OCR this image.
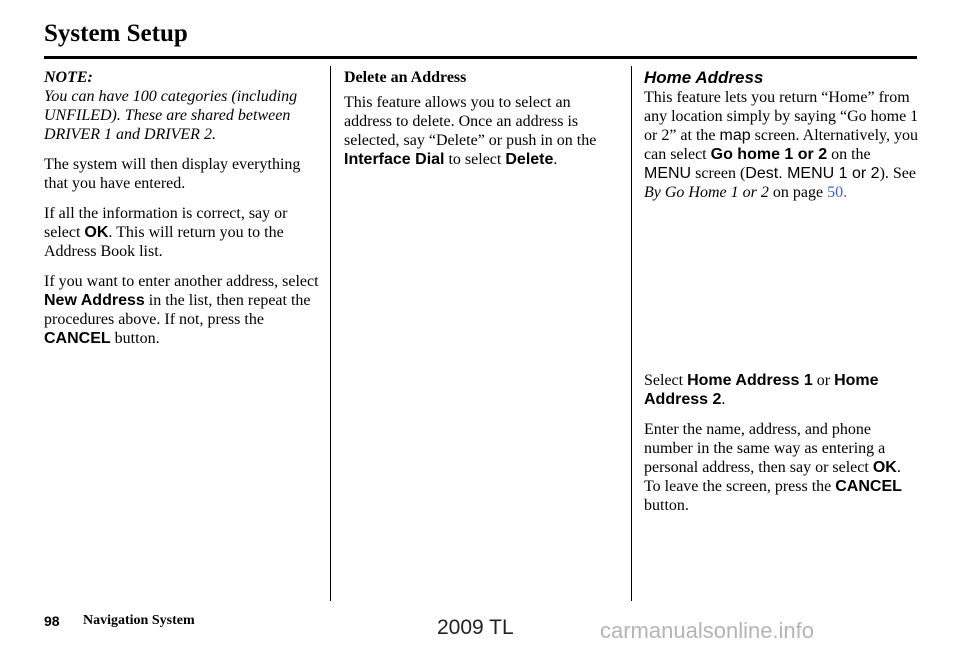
System Setup
NOTE:

You can have 100 categories (including UNFILED). These are shared between DRIVER 1 and DRIVER 2.

The system will then display everything that you have entered.

If all the information is correct, say or select OK. This will return you to the Address Book list.

If you want to enter another address, select New Address in the list, then repeat the procedures above. If not, press the CANCEL button.

Delete an Address

This feature allows you to select an address to delete. Once an address is selected, say “Delete” or push in on the Interface Dial to select Delete.

Home Address

This feature lets you return “Home” from any location simply by saying “Go home 1 or 2” at the map screen. Alternatively, you can select Go home 1 or 2 on the MENU screen (Dest. MENU 1 or 2). See By Go Home 1 or 2 on page 50.

Select Home Address 1 or Home Address 2.

Enter the name, address, and phone number in the same way as entering a personal address, then say or select OK. To leave the screen, press the CANCEL button.

98 Navigation System	2009 TL	carmanualsonline.info
